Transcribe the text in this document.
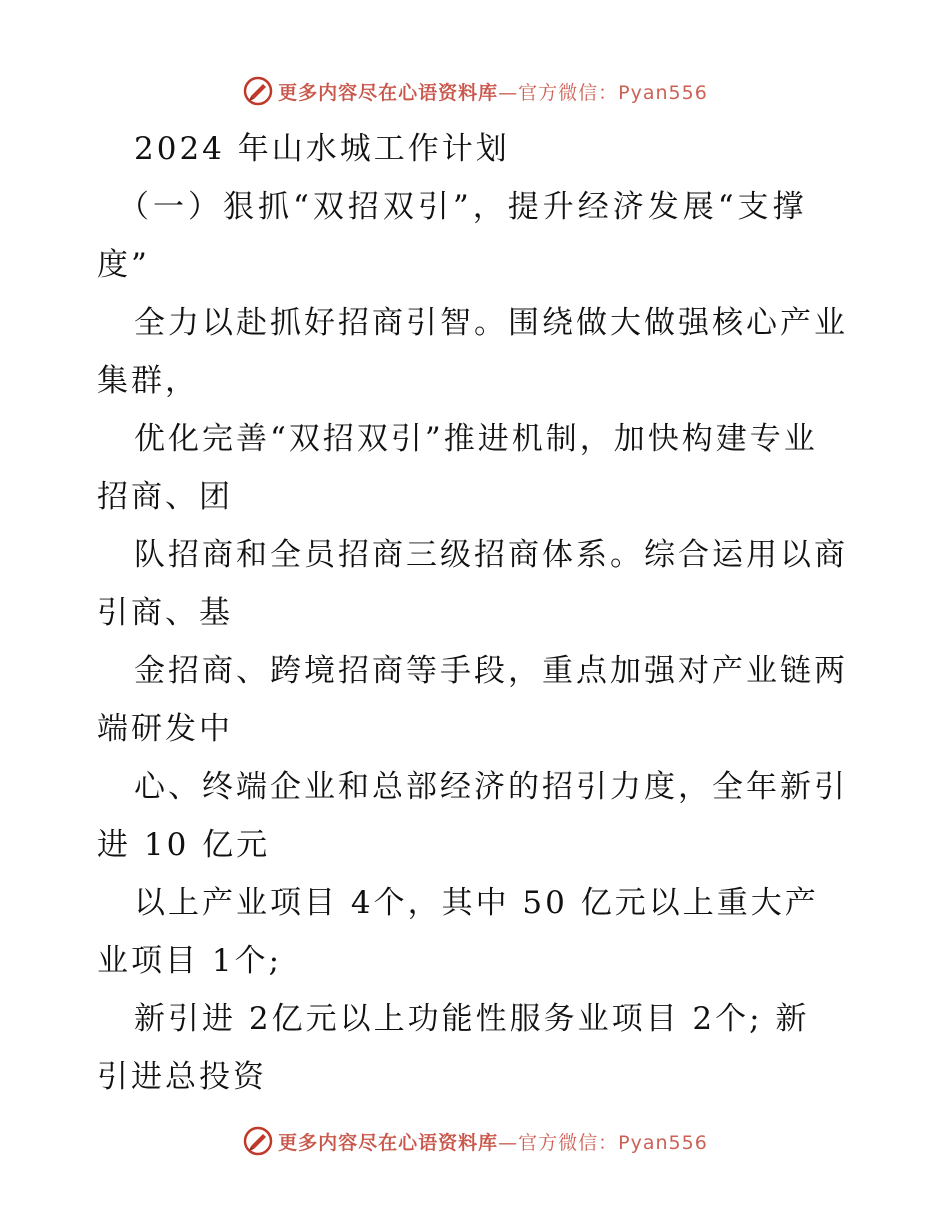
更多内容尽在心语资料库 —官方微信：Pyan556
2024 年山水城工作计划
（一）狠抓“双招双引”，提升经济发展“支撑
度”
全力以赴抓好招商引智。围绕做大做强核心产业
集群，
优化完善“双招双引”推进机制，加快构建专业
招商、团
队招商和全员招商三级招商体系。综合运用以商
引商、基
金招商、跨境招商等手段，重点加强对产业链两
端研发中
心、终端企业和总部经济的招引力度，全年新引
进 10 亿元
以上产业项目 4个，其中 50 亿元以上重大产
业项目 1个;
新引进 2亿元以上功能性服务业项目 2个; 新
引进总投资
更多内容尽在心语资料库 —官方微信：Pyan556
